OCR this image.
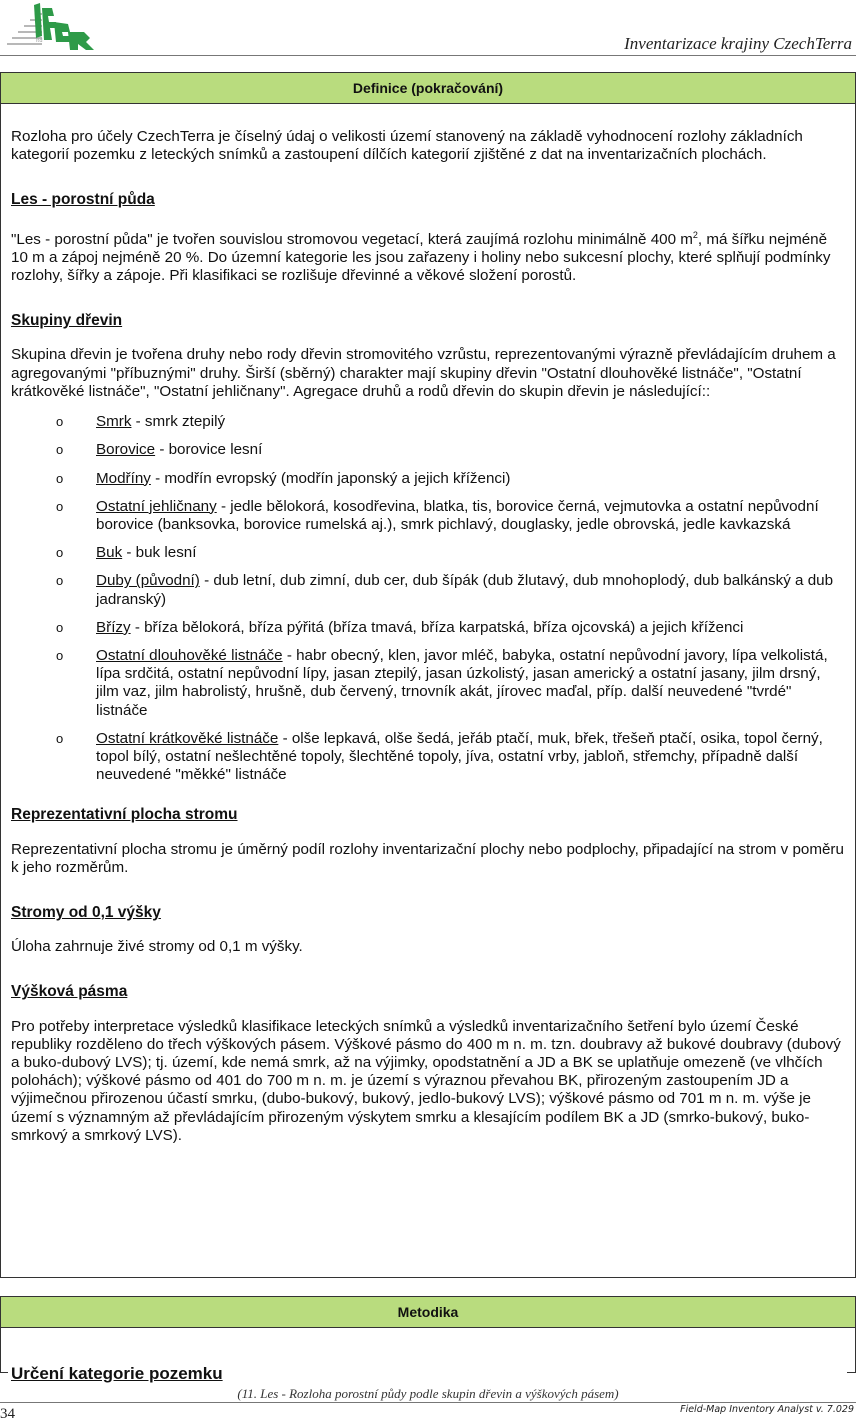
ltd	Inventarizace krajiny CzechTerra
Definice (pokračování)

Rozloha pro účely CzechTerra je číselný údaj o velikosti území stanovený na základě vyhodnocení rozlohy základních kategorií pozemku z leteckých snímků a zastoupení dílčích kategorií zjištěné z dat na inventarizačních plochách.

Les - porostní půda

"Les - porostní půda" je tvořen souvislou stromovou vegetací, která zaujímá rozlohu minimálně 400 $m^2$, má šířku nejméně 10 m a zápoj nejméně 20 %. Do územní kategorie les jsou zařazeny i holiny nebo sukcesní plochy, které splňují podmínky rozlohy, šířky a zápoje. Při klasifikaci se rozlišuje dřevinné a věkové složení porostů.

Skupiny dřevin

Skupina dřevin je tvořena druhy nebo rody dřevin stromovitého vzrůstu, reprezentovanými výrazně převládajícím druhem a agregovanými "příbuznými" druhy. Širší (sběrný) charakter mají skupiny dřevin "Ostatní dlouhověké listnáče", "Ostatní krátkověké listnáče", "Ostatní jehličnany". Agregace druhů a rodů dřevin do skupin dřevin je následující::

o Smrk - smrk ztepilý
o Borovice - borovice lesní
o Modříny - modřín evropský (modřín japonský a jejich kříženci)
o Ostatní jehličnany - jedle bělokorá, kosodřevina, blatka, tis, borovice černá, vejmutovka a ostatní nepůvodní borovice (banksovka, borovice rumelská aj.), smrk pichlavý, douglasky, jedle obrovská, jedle kavkazská
o Buk - buk lesní
o Duby (původní) - dub letní, dub zimní, dub cer, dub šípák (dub žlutavý, dub mnohoplodý, dub balkánský a dub jadranský)
o Břízy - bříza bělokorá, bříza pýřitá (bříza tmavá, bříza karpatská, bříza ojcovská) a jejich kříženci
o Ostatní dlouhověké listnáče - habr obecný, klen, javor mléč, babyka, ostatní nepůvodní javory, lípa velkolistá, lípa srdčitá, ostatní nepůvodní lípy, jasan ztepilý, jasan úzkolistý, jasan americký a ostatní jasany, jilm drsný, jilm vaz, jilm habrolistý, hrušně, dub červený, trnovník akát, jírovec maďal, příp. další neuvedené "tvrdé" listnáče
o Ostatní krátkověké listnáče - olše lepkavá, olše šedá, jeřáb ptačí, muk, břek, třešeň ptačí, osika, topol černý, topol bílý, ostatní nešlechtěné topoly, šlechtěné topoly, jíva, ostatní vrby, jabloň, střemchy, případně další neuvedené "měkké" listnáče

Reprezentativní plocha stromu

Reprezentativní plocha stromu je úměrný podíl rozlohy inventarizační plochy nebo podplochy, připadající na strom v poměru k jeho rozměrům.

Stromy od 0,1 výšky

Úloha zahrnuje živé stromy od 0,1 m výšky.

Výšková pásma

Pro potřeby interpretace výsledků klasifikace leteckých snímků a výsledků inventarizačního šetření bylo území České republiky rozděleno do třech výškových pásem. Výškové pásmo do 400 m n. m. tzn. doubravy až bukové doubravy (dubový a buko-dubový LVS); tj. území, kde nemá smrk, až na výjimky, opodstatnění a JD a BK se uplatňuje omezeně (ve vlhčích polohách); výškové pásmo od 401 do 700 m n. m. je území s výraznou převahou BK, přirozeným zastoupením JD a výjimečnou přirozenou účastí smrku, (dubo-bukový, bukový, jedlo-bukový LVS); výškové pásmo od 701 m n. m. výše je území s významným až převládajícím přirozeným výskytem smrku a klesajícím podílem BK a JD (smrko-bukový, buko-smrkový a smrkový LVS).

Metodika
Určení kategorie pozemku
(11. Les - Rozloha porostní půdy podle skupin dřevin a výškových pásem)
34	Field-Map Inventory Analyst v. 7.029
